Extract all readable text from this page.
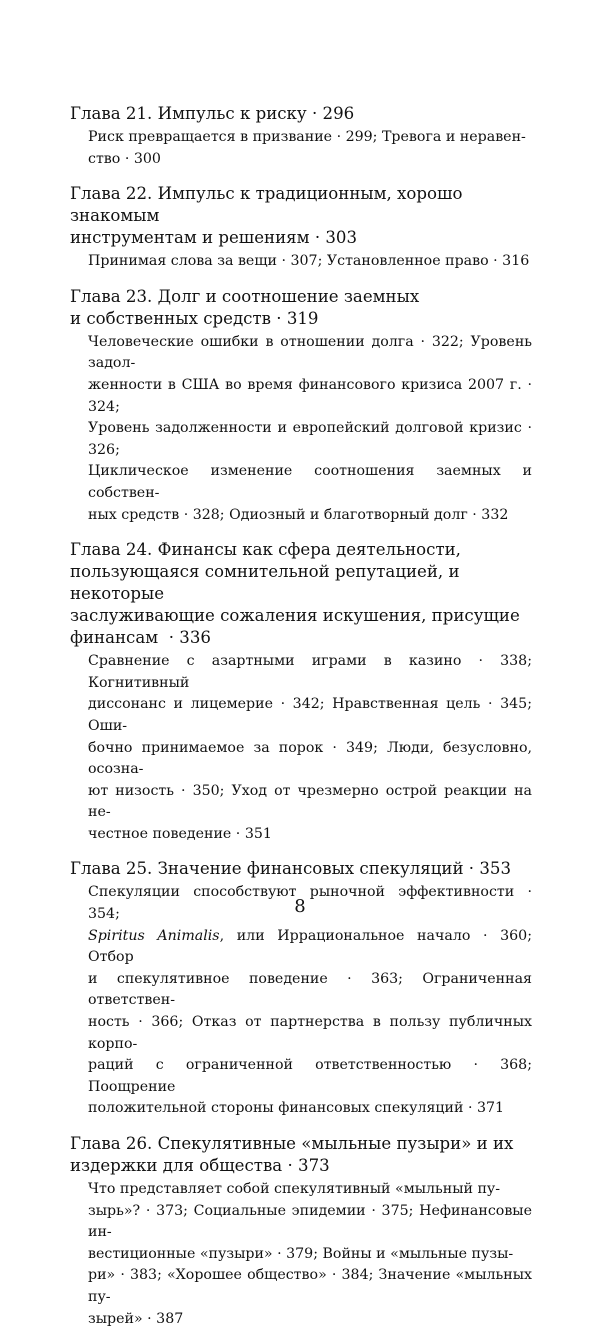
Глава 21. Импульс к риску · 296
Риск превращается в призвание · 299; Тревога и неравен-
ство · 300
Глава 22. Импульс к традиционным, хорошо знакомым
инструментам и решениям · 303
Принимая слова за вещи · 307; Установленное право · 316
Глава 23. Долг и соотношение заемных
и собственных средств · 319
Человеческие ошибки в отношении долга · 322; Уровень задол-
женности в США во время финансового кризиса 2007 г. · 324;
Уровень задолженности и европейский долговой кризис · 326;
Циклическое изменение соотношения заемных и собствен-
ных средств · 328; Одиозный и благотворный долг · 332
Глава 24. Финансы как сфера деятельности,
пользующаяся сомнительной репутацией, и некоторые
заслуживающие сожаления искушения, присущие
финансам  · 336
Сравнение с азартными играми в казино · 338; Когнитивный
диссонанс и лицемерие · 342; Нравственная цель · 345; Оши-
бочно принимаемое за порок · 349; Люди, безусловно, осозна-
ют низость · 350; Уход от чрезмерно острой реакции на не-
честное поведение · 351
Глава 25. Значение финансовых спекуляций · 353
Спекуляции способствуют рыночной эффективности · 354;
Spiritus Animalis, или Иррациональное начало · 360; Отбор
и спекулятивное поведение · 363; Ограниченная ответствен-
ность · 366; Отказ от партнерства в пользу публичных корпо-
раций с ограниченной ответственностью · 368; Поощрение
положительной стороны финансовых спекуляций · 371
Глава 26. Спекулятивные «мыльные пузыри» и их
издержки для общества · 373
Что представляет собой спекулятивный «мыльный пу-
зырь»? · 373; Социальные эпидемии · 375; Нефинансовые ин-
вестиционные «пузыри» · 379; Войны и «мыльные пузы-
ри» · 383; «Хорошее общество» · 384; Значение «мыльных пу-
зырей» · 387
8
